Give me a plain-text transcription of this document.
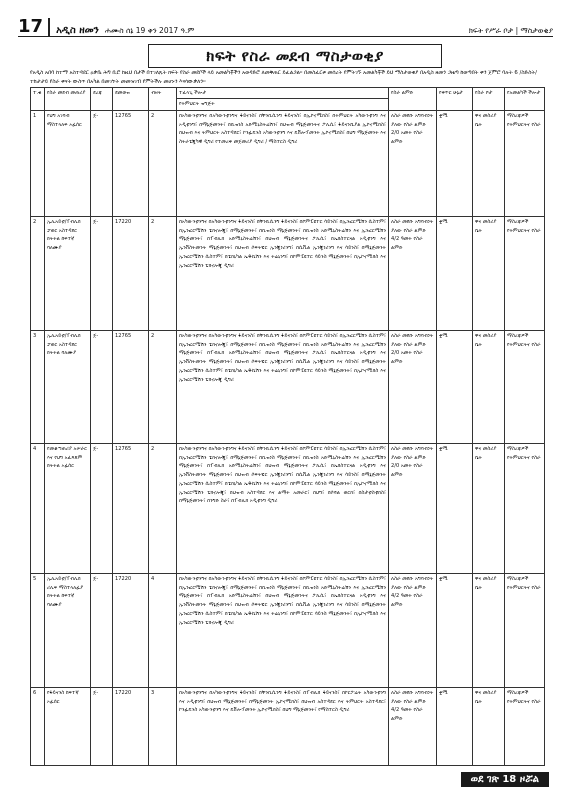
17 አዲስ ዘመን ሐሙስ ሰኔ 19 ቀን 2017 ዓ.ም	ክፍት የሥራ ቦታ | ማስታወቂያ
ክፍት የስራ መደብ ማስታወቂያ
የአዲስ አበባ ከተማ አስተዳደር ዐቃቤ ሕግ ቢሮ ከዚህ በታች በተገለጹት ክፍት የስራ መደቦች ላይ አመልካቾችን አወዳድሮ ለመቅጠር ይፈልጋል፡፡ በመስፈርቱ መሰረት የምትገኙ አመልካቾች ይህ ማስታወቂያ በአዲስ ዘመን ጋዜጣ ከወጣበት ቀን ጀምሮ ባሉት 6 /ስድስት/ ተከታታይ የስራ ቀናት ውስጥ በአካል በመገኘት መመዝገብ የምትችሉ መሆኑን እናሳውቃለን፡፡
ተ.ቁ	የስራ መደብ መጠሪያ	ደረጃ	ደመወዝ	ብዛት	ተፈላጊ ችሎታ	የስራ ልምድ	የቅጥር ሁኔታ	የስራ ቦታ	የአመልካች ችሎታ
					የትምህርት ዝግጅት				
1	የህግ አገባብ ማስተላለፍ ኦፊሰር	ጀ-	12765	2	በአካውንቲንግና በአካውንቲንግና ፋይናንስ፣ በቸንቢሲንግ ፋይናንስ፣ በኢኮኖሚክስ፣ በትምህርት አካውንቲንግ እና ኦዲቲንግ፣ በማኔጅመንት፣ በቢዝነስ አድሚኒስትሬሽን፣ በህዝብ ማኔጅመንትና ፖሊሲ፣ ፋይናንሺያል ኢኮኖሚክስ፣ በህዝብ እና ትምህርት አስተዳደር፣ ኮንፊዴንስ አካውንቲንግ እና ዴቨሎፕመንት ኢኮኖሚክስ፣ በህግ ማኔጅመንት እና ስትራቴጂካዊ ዲግሪ የተመረቀ መጀመሪያ ዲግሪ / ማስተርስ ዲግሪ	ለስራ መደቡ አግባብነት ያለው የስራ ልምድ 2/0 አመት የስራ ልምድ	ቋሚ	ዋና መስሪያ ቤት	ማስረጃዎች የትምህርትና የስራ
2	ኢሊአይቲ/ፐብሊክ ፓወር አስተዳደር ክትትል ከፍተኛ ባለሙያ	ጀ-	17220	2	በአካውንቲንግና በአካውንቲንግና ፋይናንስ፣ በቸንቢሲንግ ፋይናንስ፣ በኮምፒዩተር ሳይንስ፣ በኢንፎርሜሽን ሲስተም፣ በኢንፎርሜሽን ቴክኖሎጂ፣ በማኔጅመንት፣ በቢዝነስ ማኔጅመንት፣ በቢዝነስ አድሚኒስትሬሽን እና ኢንፎርሜሽን ማኔጅመንት፣ በፐብሊክ አድሚኒስትሬሽን፣ በህዝብ ማኔጅመንትና ፖሊሲ፣ በኤክስተርናል ኦዲቲንግ እና ኢንቨስትመንት ማኔጅመንት፣ በህዝብ ሶፍትዌር ኢንጂነሪንግ፣ በሲቪል ኢንጂነሪንግ እና ሳይንስ፣ በማኔጅመንት ኢንፎርሜሽን ሲስተም፣ በቴክኒካል ኤዱኬሽን እና ትሬኒንግ፣ በኮምፒዩተር ሳይንስ ማኔጅመንት፣ በኢኮኖሚክስ እና ኢንፎርሜሽን ቴክኖሎጂ ዲግሪ	ለስራ መደቡ አግባብነት ያለው የስራ ልምድ 4/2 ዓመት የስራ ልምድ	ቋሚ	ዋና መስሪያ ቤት	ማስረጃዎች የትምህርትና የስራ
3	ኢሊአይቲ/ፐብሊክ ፓወር አስተዳደር ክትትል ባለሙያ	ጀ-	12765	2	በአካውንቲንግና በአካውንቲንግና ፋይናንስ፣ በቸንቢሲንግ ፋይናንስ፣ በኮምፒዩተር ሳይንስ፣ በኢንፎርሜሽን ሲስተም፣ በኢንፎርሜሽን ቴክኖሎጂ፣ በማኔጅመንት፣ በቢዝነስ ማኔጅመንት፣ በቢዝነስ አድሚኒስትሬሽን እና ኢንፎርሜሽን ማኔጅመንት፣ በፐብሊክ አድሚኒስትሬሽን፣ በህዝብ ማኔጅመንትና ፖሊሲ፣ በኤክስተርናል ኦዲቲንግ እና ኢንቨስትመንት ማኔጅመንት፣ በህዝብ ሶፍትዌር ኢንጂነሪንግ፣ በሲቪል ኢንጂነሪንግ እና ሳይንስ፣ በማኔጅመንት ኢንፎርሜሽን ሲስተም፣ በቴክኒካል ኤዱኬሽን እና ትሬኒንግ፣ በኮምፒዩተር ሳይንስ ማኔጅመንት፣ በኢኮኖሚክስ እና ኢንፎርሜሽን ቴክኖሎጂ ዲግሪ	ለስራ መደቡ አግባብነት ያለው የስራ ልምድ 2/0 አመት የስራ ልምድ	ቋሚ	ዋና መስሪያ ቤት	ማስረጃዎች የትምህርትና የስራ
4	የመቆጣጠሪያ አሠራር እና የህግ አፈጻጸም ክትትል ኦፊሰር	ጀ-	12765	2	በአካውንቲንግና በአካውንቲንግና ፋይናንስ፣ በቸንቢሲንግ ፋይናንስ፣ በኮምፒዩተር ሳይንስ፣ በኢንፎርሜሽን ሲስተም፣ በኢንፎርሜሽን ቴክኖሎጂ፣ በማኔጅመንት፣ በቢዝነስ ማኔጅመንት፣ በቢዝነስ አድሚኒስትሬሽን እና ኢንፎርሜሽን ማኔጅመንት፣ በፐብሊክ አድሚኒስትሬሽን፣ በህዝብ ማኔጅመንትና ፖሊሲ፣ በኤክስተርናል ኦዲቲንግ እና ኢንቨስትመንት ማኔጅመንት፣ በህዝብ ሶፍትዌር ኢንጂነሪንግ፣ በሲቪል ኢንጂነሪንግ እና ሳይንስ፣ በማኔጅመንት ኢንፎርሜሽን ሲስተም፣ በቴክኒካል ኤዱኬሽን እና ትሬኒንግ፣ በኮምፒዩተር ሳይንስ ማኔጅመንት፣ በኢኮኖሚክስ እና ኢንፎርሜሽን ቴክኖሎጂ፣ በህዝብ አስተዳደር እና ልማት አመራር፣ በህግ፣ በሶሻል ወርክ፣ በስታቲስቲክስ፣ በማኔጅመንት፣ በንግድ ስራ፣ በፐብሊክ ኦዲቲንግ ዲግሪ	ለስራ መደቡ አግባብነት ያለው የስራ ልምድ 2/0 አመት የስራ ልምድ	ቋሚ	ዋና መስሪያ ቤት	ማስረጃዎች የትምህርትና የስራ
5	ኢሊአይቲ/ፐብሊክ ሪሊፍ ማስተላለፊያ ክትትል ከፍተኛ ባለሙያ	ጀ-	17220	4	በአካውንቲንግና በአካውንቲንግና ፋይናንስ፣ በቸንቢሲንግ ፋይናንስ፣ በኮምፒዩተር ሳይንስ፣ በኢንፎርሜሽን ሲስተም፣ በኢንፎርሜሽን ቴክኖሎጂ፣ በማኔጅመንት፣ በቢዝነስ ማኔጅመንት፣ በቢዝነስ አድሚኒስትሬሽን እና ኢንፎርሜሽን ማኔጅመንት፣ በፐብሊክ አድሚኒስትሬሽን፣ በህዝብ ማኔጅመንትና ፖሊሲ፣ በኤክስተርናል ኦዲቲንግ እና ኢንቨስትመንት ማኔጅመንት፣ በህዝብ ሶፍትዌር ኢንጂነሪንግ፣ በሲቪል ኢንጂነሪንግ እና ሳይንስ፣ በማኔጅመንት ኢንፎርሜሽን ሲስተም፣ በቴክኒካል ኤዱኬሽን እና ትሬኒንግ፣ በኮምፒዩተር ሳይንስ ማኔጅመንት፣ በኢኮኖሚክስ እና ኢንፎርሜሽን ቴክኖሎጂ ዲግሪ	ለስራ መደቡ አግባብነት ያለው የስራ ልምድ 4/2 ዓመት የስራ ልምድ	ቋሚ	ዋና መስሪያ ቤት	ማስረጃዎች የትምህርትና የስራ
6	የፋይናንስ ከፍተኛ ኦፊሰር	ጀ-	17220	3	በአካውንቲንግና በአካውንቲንግና ፋይናንስ፣ በቸንቢሲንግ ፋይናንስ፣ በፐብሊክ ፋይናንስ፣ በኮርፖሬት አካውንቲንግ እና ኦዲቲንግ፣ በህዝብ ማኔጅመንት፣ በማኔጅመንት ኢኮኖሚክስ፣ በህዝብ አስተዳደር እና ትምህርት አስተዳደር፣ ኮንፊዴንስ አካውንቲንግ እና ዴቨሎፕመንት ኢኮኖሚክስ፣ በህግ ማኔጅመንት፣ የማስተርስ ዲግሪ	ለስራ መደቡ አግባብነት ያለው የስራ ልምድ 4/2 ዓመት የስራ ልምድ	ቋሚ	ዋና መስሪያ ቤት	ማስረጃዎች የትምህርትና የስራ
ወደ ገጽ 18 ዞሯል
